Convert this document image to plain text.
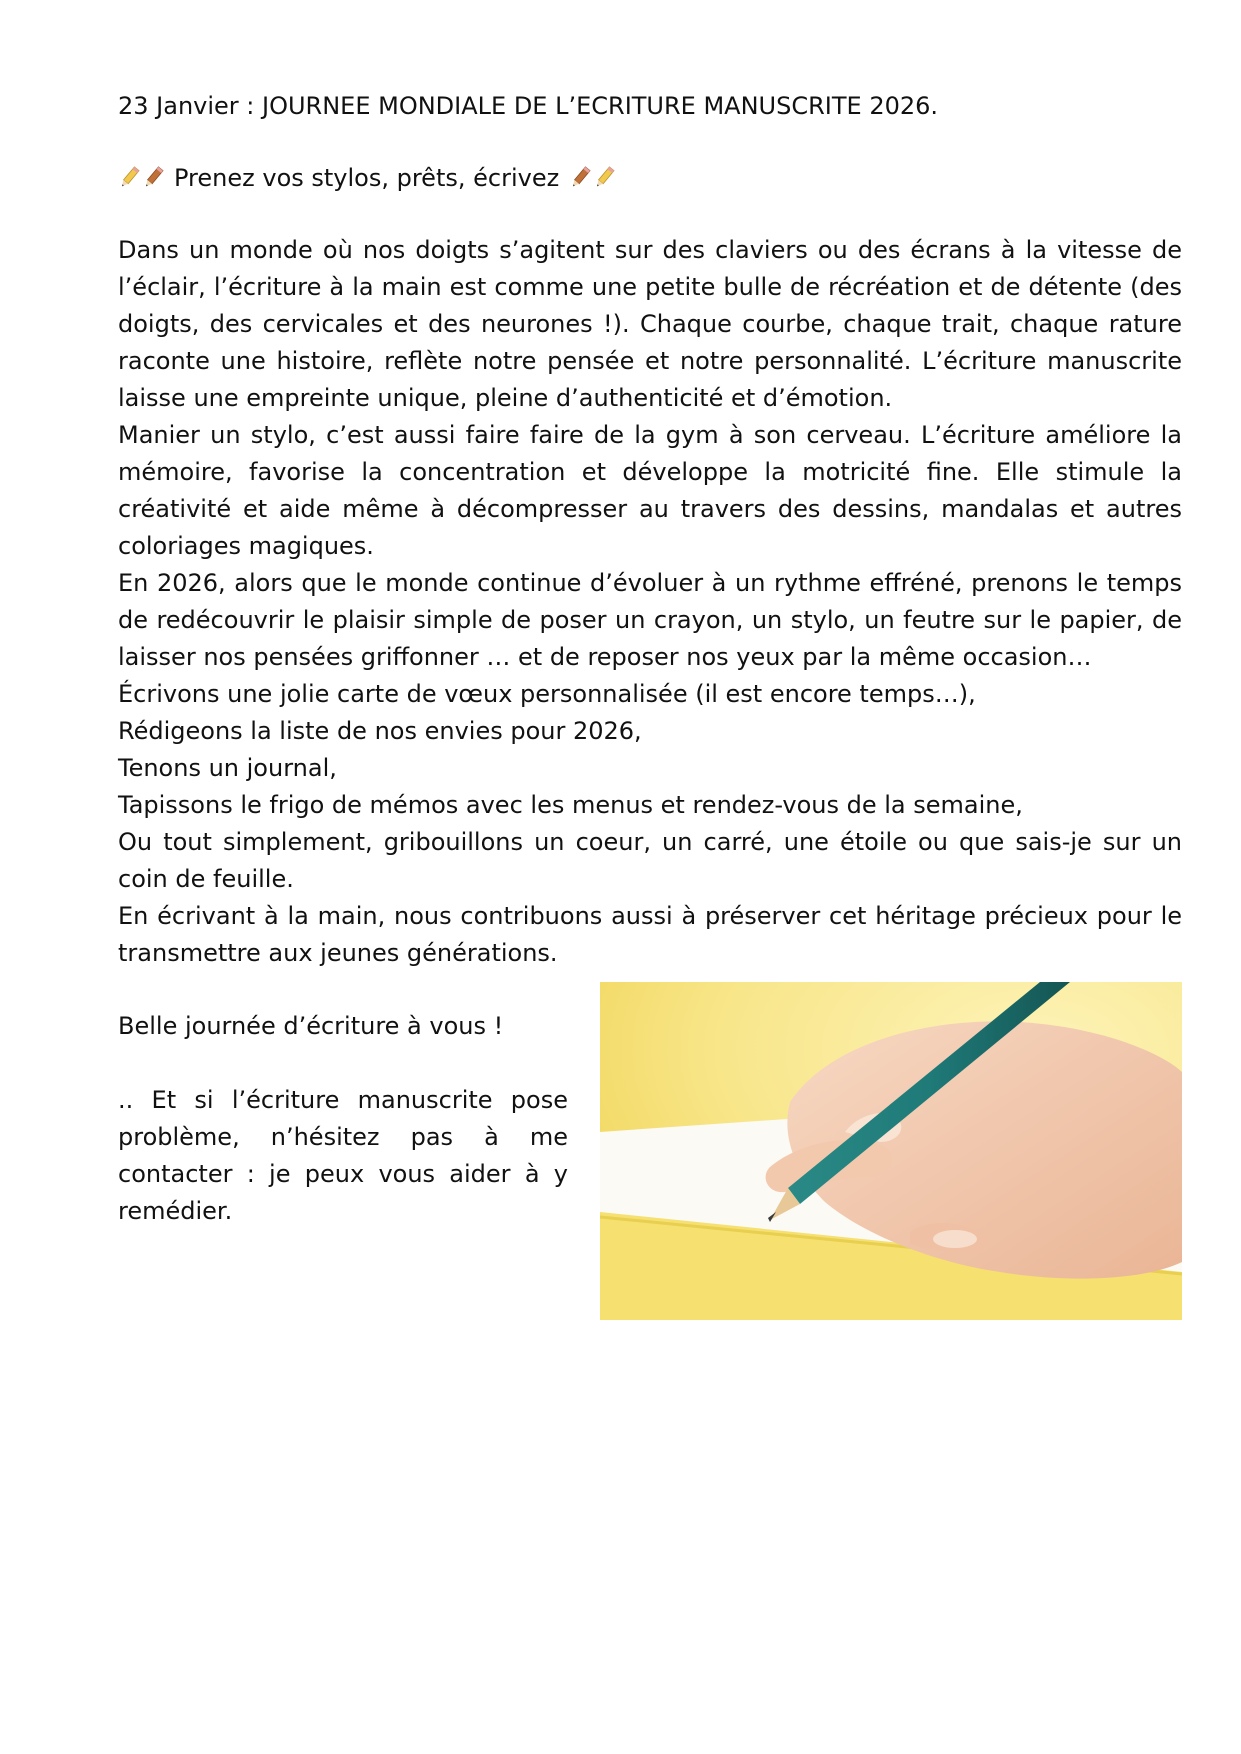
23 Janvier : JOURNEE MONDIALE DE L’ECRITURE MANUSCRITE 2026.

Prenez vos stylos, prêts, écrivez

Dans un monde où nos doigts s’agitent sur des claviers ou des écrans à la vitesse de l’éclair, l’écriture à la main est comme une petite bulle de récréation et de détente (des doigts, des cervicales et des neurones !). Chaque courbe, chaque trait, chaque rature raconte une histoire, reflète notre pensée et notre personnalité. L’écriture manuscrite laisse une empreinte unique, pleine d’authenticité et d’émotion.

Manier un stylo, c’est aussi faire faire de la gym à son cerveau. L’écriture améliore la mémoire, favorise la concentration et développe la motricité fine. Elle stimule la créativité et aide même à décompresser au travers des dessins, mandalas et autres coloriages magiques.

En 2026, alors que le monde continue d’évoluer à un rythme effréné, prenons le temps de redécouvrir le plaisir simple de poser un crayon, un stylo, un feutre sur le papier, de laisser nos pensées griffonner … et de reposer nos yeux par la même occasion…

Écrivons une jolie carte de vœux personnalisée (il est encore temps…),

Rédigeons la liste de nos envies pour 2026,

Tenons un journal,

Tapissons le frigo de mémos avec les menus et rendez-vous de la semaine,

Ou tout simplement, gribouillons un coeur, un carré, une étoile ou que sais-je sur un coin de feuille.

En écrivant à la main, nous contribuons aussi à préserver cet héritage précieux pour le transmettre aux jeunes générations.

Belle journée d’écriture à vous !

.. Et si l’écriture manuscrite pose problème, n’hésitez pas à me contacter : je peux vous aider à y remédier.
